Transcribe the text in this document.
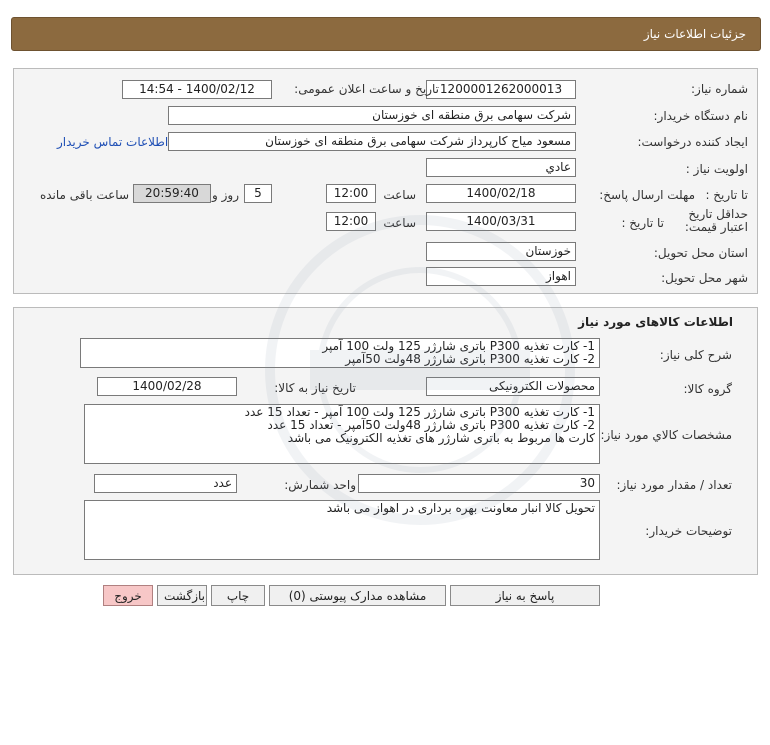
جزئیات اطلاعات نیاز
شماره نیاز:
1200001262000013
تاریخ و ساعت اعلان عمومی:
1400/02/12 - 14:54
نام دستگاه خریدار:
شرکت سهامی برق منطقه ای خوزستان
ایجاد کننده درخواست:
مسعود میاح کارپرداز شرکت سهامی برق منطقه ای خوزستان
اطلاعات تماس خریدار
اولویت نیاز :
عادي
مهلت ارسال پاسخ: تا تاریخ :
1400/02/18
ساعت
12:00
5
روز و
20:59:40
ساعت باقی مانده
حداقل تاریخ اعتبار قیمت:
تا تاریخ :
1400/03/31
ساعت
12:00
استان محل تحویل:
خوزستان
شهر محل تحویل:
اهواز
اطلاعات کالاهای مورد نیاز
شرح کلی نیاز:
1- کارت تغذیه P300 باتری شارژر 125 ولت 100 آمپر
2- کارت تغذیه P300 باتری شارژر 48ولت 50آمپر
گروه کالا:
محصولات الکترونیکی
تاریخ نیاز به کالا:
1400/02/28
مشخصات کالاي مورد نیاز:
1- کارت تغذیه P300 باتری شارژر 125 ولت 100 آمپر - تعداد 15 عدد
2- کارت تغذیه P300 باتری شارژر 48ولت 50آمپر - تعداد 15 عدد
کارت ها مربوط به باتری شارژر های تغذیه الکترونیک می باشد
تعداد / مقدار مورد نیاز:
30
واحد شمارش:
عدد
توضیحات خریدار:
تحویل کالا انبار معاونت بهره برداری در اهواز می باشد
پاسخ به نیاز
مشاهده مدارک پیوستی (0)
چاپ
بازگشت
خروج
